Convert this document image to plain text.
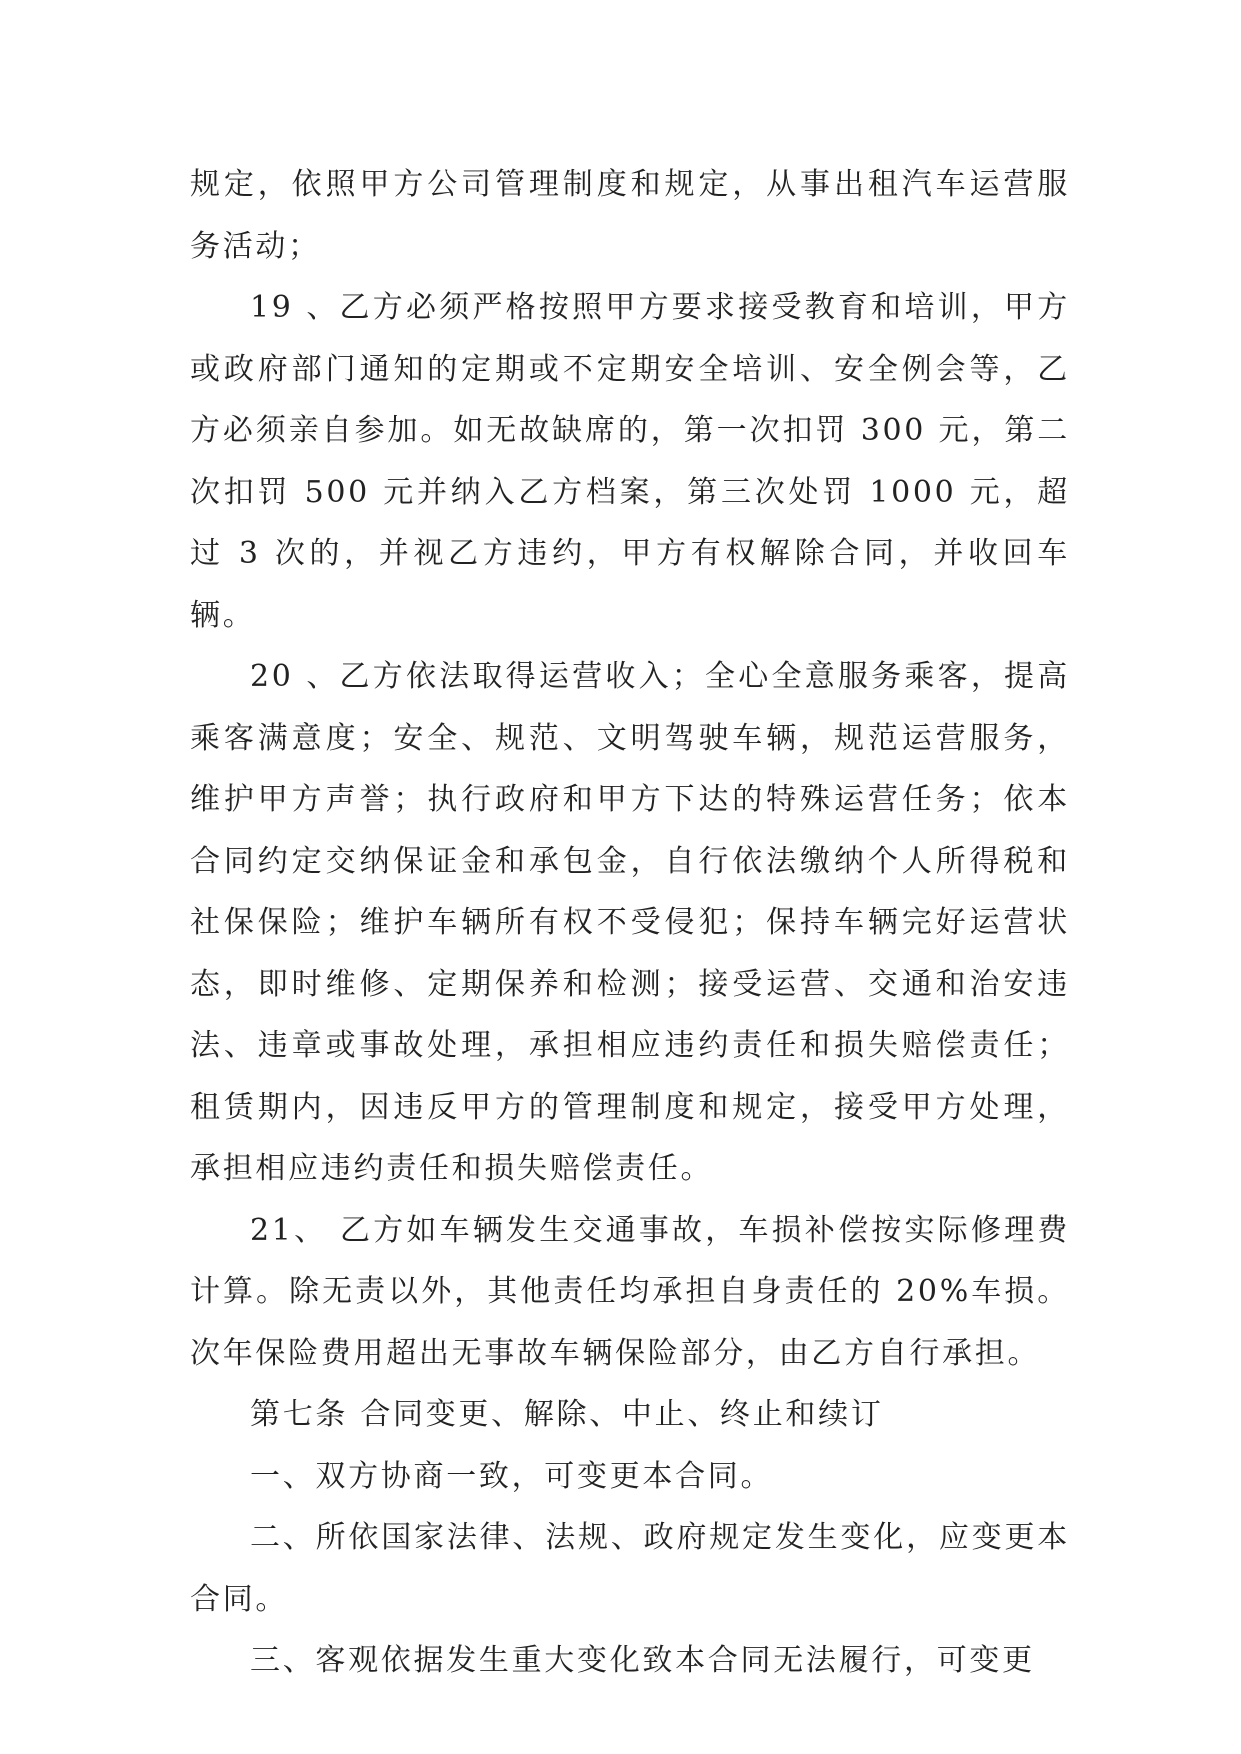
规定，依照甲方公司管理制度和规定，从事出租汽车运营服务活动；

19 、乙方必须严格按照甲方要求接受教育和培训，甲方或政府部门通知的定期或不定期安全培训、安全例会等，乙方必须亲自参加。如无故缺席的，第一次扣罚 300 元，第二次扣罚 500 元并纳入乙方档案，第三次处罚 1000 元，超过 3 次的，并视乙方违约，甲方有权解除合同，并收回车辆。

20 、乙方依法取得运营收入；全心全意服务乘客，提高乘客满意度；安全、规范、文明驾驶车辆，规范运营服务，维护甲方声誉；执行政府和甲方下达的特殊运营任务；依本合同约定交纳保证金和承包金，自行依法缴纳个人所得税和社保保险；维护车辆所有权不受侵犯；保持车辆完好运营状态，即时维修、定期保养和检测；接受运营、交通和治安违法、违章或事故处理，承担相应违约责任和损失赔偿责任；租赁期内，因违反甲方的管理制度和规定，接受甲方处理，承担相应违约责任和损失赔偿责任。

21、 乙方如车辆发生交通事故，车损补偿按实际修理费计算。除无责以外，其他责任均承担自身责任的 20%车损。次年保险费用超出无事故车辆保险部分，由乙方自行承担。

第七条 合同变更、解除、中止、终止和续订

一、双方协商一致，可变更本合同。

二、所依国家法律、法规、政府规定发生变化，应变更本合同。

三、客观依据发生重大变化致本合同无法履行，可变更
